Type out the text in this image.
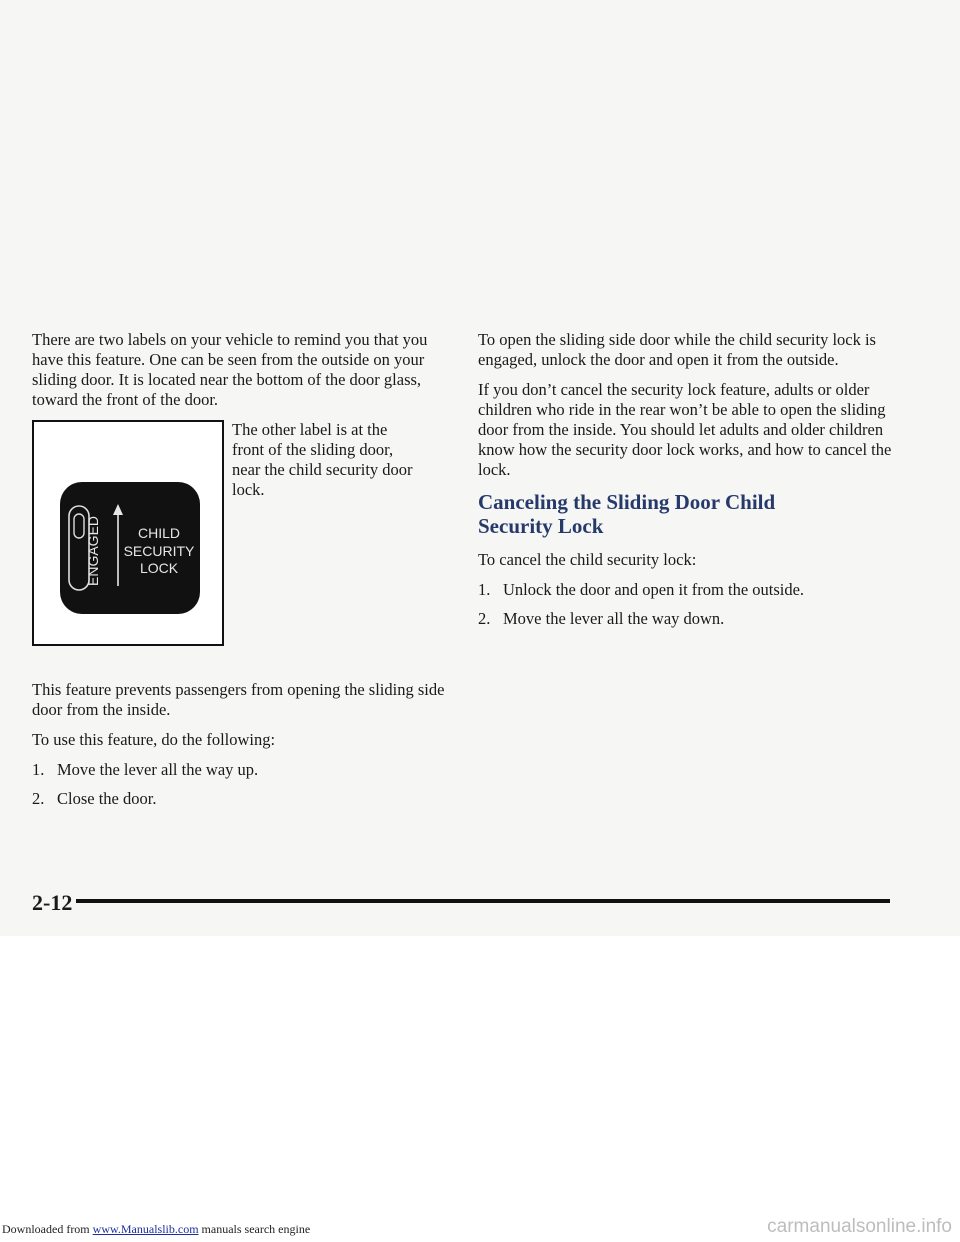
There are two labels on your vehicle to remind you that you have this feature. One can be seen from the outside on your sliding door. It is located near the bottom of the door glass, toward the front of the door.

ENGAGED	CHILD
SECURITY
LOCK

The other label is at the front of the sliding door, near the child security door lock.

This feature prevents passengers from opening the sliding side door from the inside.

To use this feature, do the following:

1. Move the lever all the way up.
2. Close the door.

To open the sliding side door while the child security lock is engaged, unlock the door and open it from the outside.

If you don’t cancel the security lock feature, adults or older children who ride in the rear won’t be able to open the sliding door from the inside. You should let adults and older children know how the security door lock works, and how to cancel the lock.

Canceling the Sliding Door Child
Security Lock

To cancel the child security lock:

1. Unlock the door and open it from the outside.
2. Move the lever all the way down.
2-12
Downloaded from www.Manualslib.com manuals search engine	carmanualsonline.info
